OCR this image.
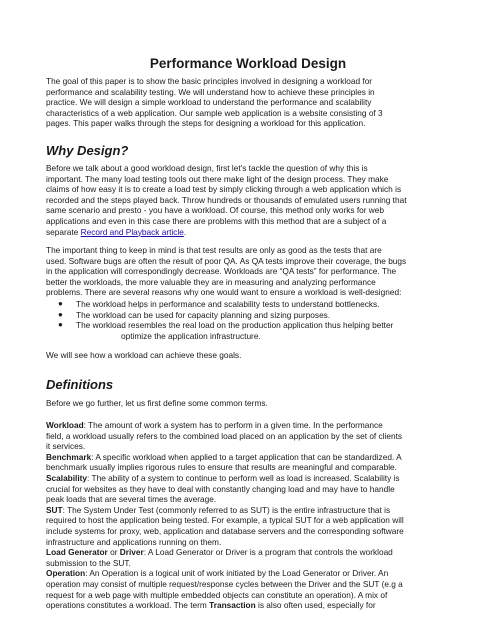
Performance Workload Design

The goal of this paper is to show the basic principles involved in designing a workload for
performance and scalability testing. We will understand how to achieve these principles in
practice. We will design a simple workload to understand the performance and scalability
characteristics of a web application. Our sample web application is a website consisting of 3
pages. This paper walks through the steps for designing a workload for this application.

Why Design?

Before we talk about a good workload design, first let's tackle the question of why this is
important. The many load testing tools out there make light of the design process. They make
claims of how easy it is to create a load test by simply clicking through a web application which is
recorded and the steps played back. Throw hundreds or thousands of emulated users running that
same scenario and presto - you have a workload. Of course, this method only works for web
applications and even in this case there are problems with this method that are a subject of a
separate Record and Playback article.

The important thing to keep in mind is that test results are only as good as the tests that are
used. Software bugs are often the result of poor QA. As QA tests improve their coverage, the bugs
in the application will correspondingly decrease. Workloads are “QA tests” for performance. The
better the workloads, the more valuable they are in measuring and analyzing performance
problems. There are several reasons why one would want to ensure a workload is well-designed:

● The workload helps in performance and scalability tests to understand bottlenecks.
● The workload can be used for capacity planning and sizing purposes.
● The workload resembles the real load on the production application thus helping better
optimize the application infrastructure.

We will see how a workload can achieve these goals.

Definitions

Before we go further, let us first define some common terms.

Workload: The amount of work a system has to perform in a given time. In the performance
field, a workload usually refers to the combined load placed on an application by the set of clients
it services.
Benchmark: A specific workload when applied to a target application that can be standardized. A
benchmark usually implies rigorous rules to ensure that results are meaningful and comparable.
Scalability: The ability of a system to continue to perform well as load is increased. Scalability is
crucial for websites as they have to deal with constantly changing load and may have to handle
peak loads that are several times the average.
SUT: The System Under Test (commonly referred to as SUT) is the entire infrastructure that is
required to host the application being tested. For example, a typical SUT for a web application will
include systems for proxy, web, application and database servers and the corresponding software
infrastructure and applications running on them.
Load Generator or Driver: A Load Generator or Driver is a program that controls the workload
submission to the SUT.
Operation: An Operation is a logical unit of work initiated by the Load Generator or Driver. An
operation may consist of multiple request/response cycles between the Driver and the SUT (e.g a
request for a web page with multiple embedded objects can constitute an operation). A mix of
operations constitutes a workload. The term Transaction is also often used, especially for
